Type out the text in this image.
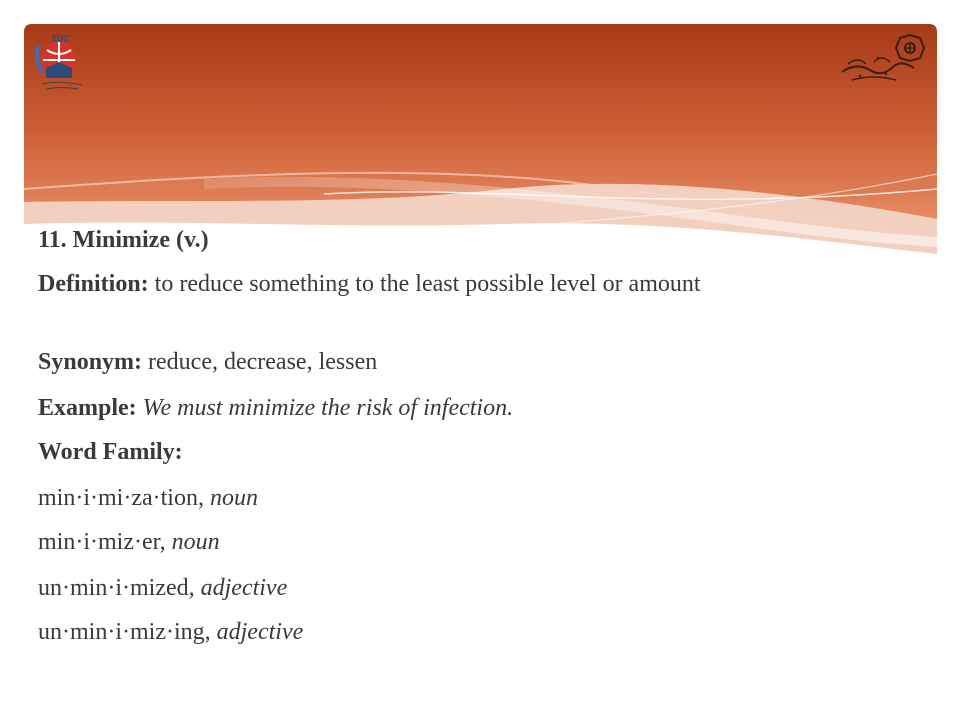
EDC

11. Minimize (v.)

Definition: to reduce something to the least possible level or amount

Synonym: reduce, decrease, lessen

Example: We must minimize the risk of infection.

Word Family:

min·i·mi·za·tion, noun

min·i·miz·er, noun

un·min·i·mized, adjective

un·min·i·miz·ing, adjective
